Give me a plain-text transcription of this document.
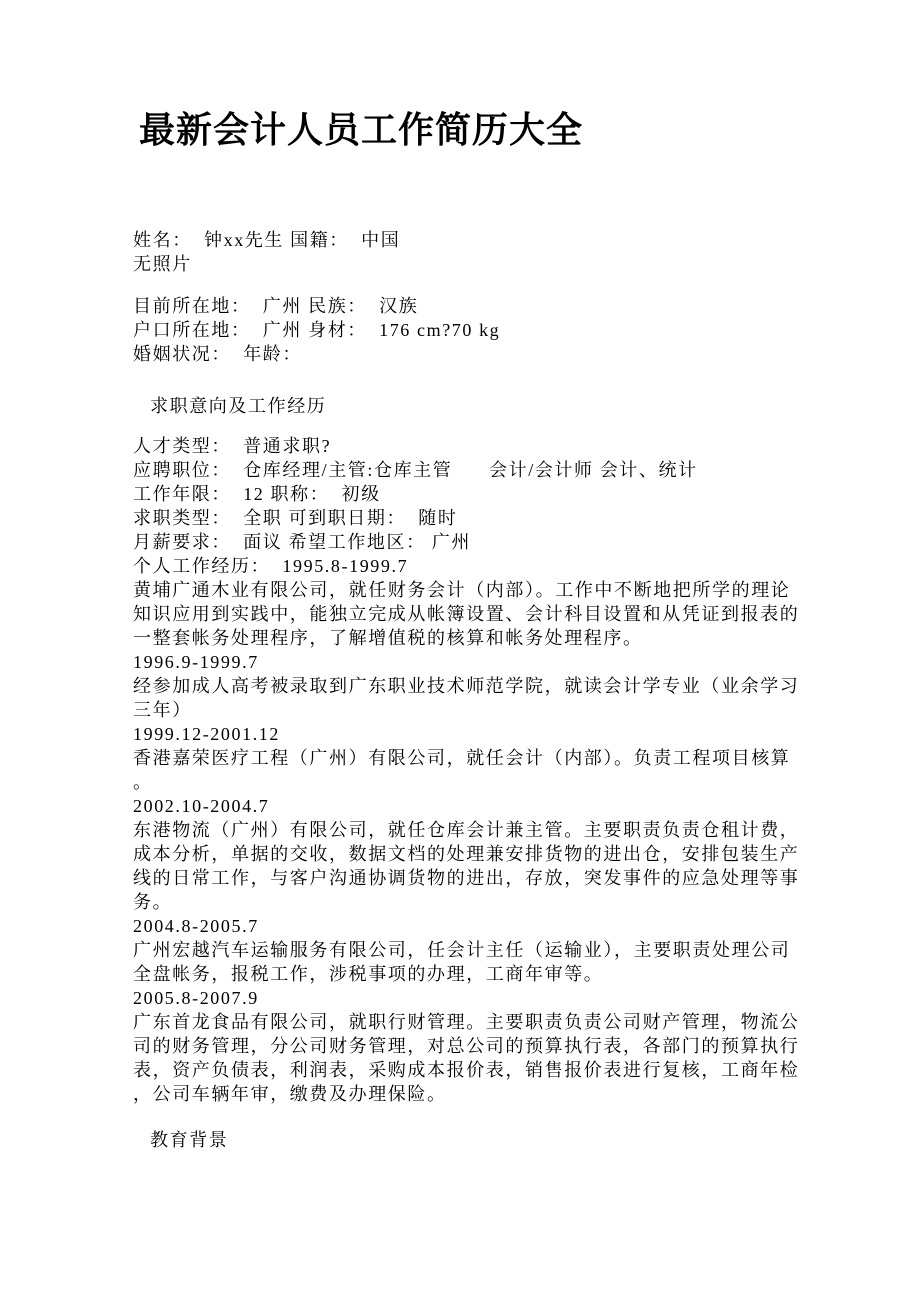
最新会计人员工作简历大全

姓名：  钟xx先生 国籍：  中国

无照片

目前所在地：  广州 民族：  汉族

户口所在地：  广州 身材：  176 cm?70 kg

婚姻状况：  年龄：

求职意向及工作经历

人才类型：  普通求职?

应聘职位：  仓库经理/主管:仓库主管      会计/会计师 会计、统计

工作年限：  12 职称：  初级

求职类型：  全职 可到职日期：  随时

月薪要求：  面议 希望工作地区： 广州

个人工作经历：  1995.8-1999.7

黄埔广通木业有限公司，就任财务会计（内部）。工作中不断地把所学的理论知识应用到实践中，能独立完成从帐簿设置、会计科目设置和从凭证到报表的一整套帐务处理程序，了解增值税的核算和帐务处理程序。

1996.9-1999.7

经参加成人高考被录取到广东职业技术师范学院，就读会计学专业（业余学习三年）

1999.12-2001.12

香港嘉荣医疗工程（广州）有限公司，就任会计（内部）。负责工程项目核算。

2002.10-2004.7

东港物流（广州）有限公司，就任仓库会计兼主管。主要职责负责仓租计费，成本分析，单据的交收，数据文档的处理兼安排货物的进出仓，安排包装生产线的日常工作，与客户沟通协调货物的进出，存放，突发事件的应急处理等事务。

2004.8-2005.7

广州宏越汽车运输服务有限公司，任会计主任（运输业），主要职责处理公司全盘帐务，报税工作，涉税事项的办理，工商年审等。

2005.8-2007.9

广东首龙食品有限公司，就职行财管理。主要职责负责公司财产管理，物流公司的财务管理，分公司财务管理，对总公司的预算执行表，各部门的预算执行表，资产负债表，利润表，采购成本报价表，销售报价表进行复核，工商年检，公司车辆年审，缴费及办理保险。

教育背景
